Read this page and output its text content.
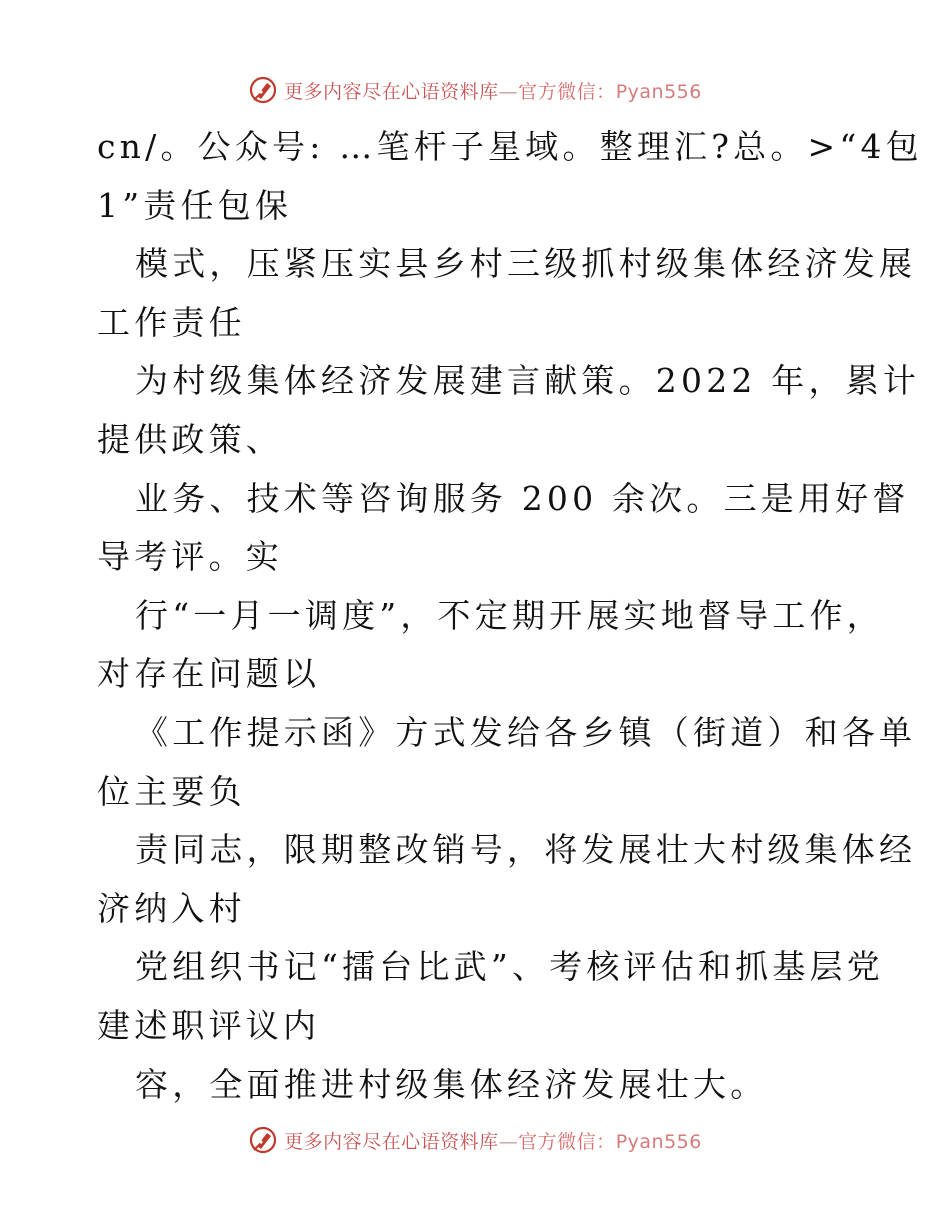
更多内容尽在心语资料库—官方微信：Pyan556
cn/。公众号: …笔杆子星域。整理汇?总。>“4包
1”责任包保
模式，压紧压实县乡村三级抓村级集体经济发展
工作责任
为村级集体经济发展建言献策。2022 年，累计
提供政策、
业务、技术等咨询服务 200 余次。三是用好督
导考评。实
行“一月一调度”，不定期开展实地督导工作，
对存在问题以
《工作提示函》方式发给各乡镇（街道）和各单
位主要负
责同志，限期整改销号，将发展壮大村级集体经
济纳入村
党组织书记“擂台比武”、考核评估和抓基层党
建述职评议内
容，全面推进村级集体经济发展壮大。
更多内容尽在心语资料库—官方微信：Pyan556
